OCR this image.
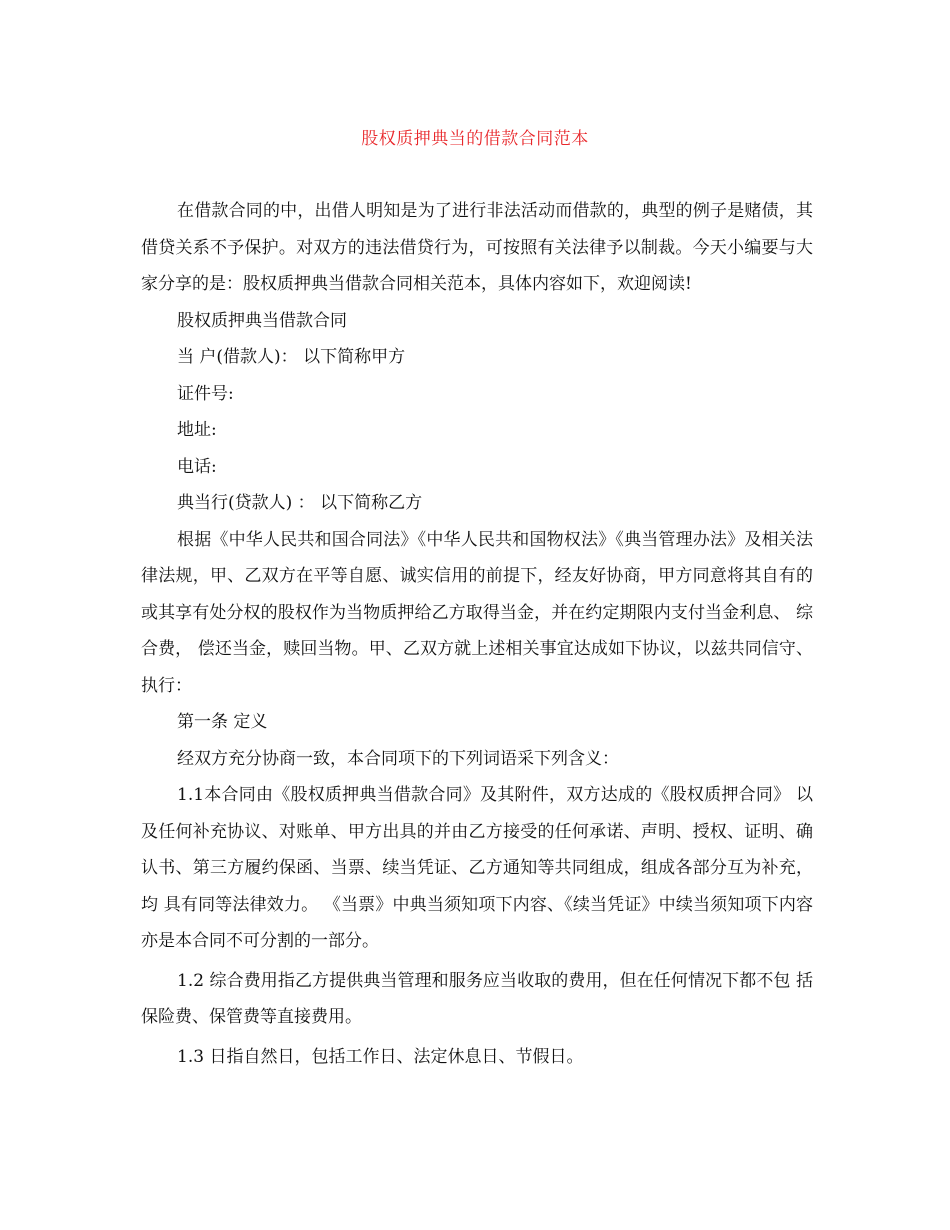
股权质押典当的借款合同范本

在借款合同的中，出借人明知是为了进行非法活动而借款的，典型的例子是赌债，其借贷关系不予保护。对双方的违法借贷行为，可按照有关法律予以制裁。今天小编要与大家分享的是：股权质押典当借款合同相关范本，具体内容如下，欢迎阅读!

股权质押典当借款合同

当 户(借款人)： 以下简称甲方

证件号:

地址:

电话:

典当行(贷款人) ： 以下简称乙方

根据《中华人民共和国合同法》《中华人民共和国物权法》《典当管理办法》及相关法律法规，甲、乙双方在平等自愿、诚实信用的前提下，经友好协商，甲方同意将其自有的或其享有处分权的股权作为当物质押给乙方取得当金，并在约定期限内支付当金利息、 综合费， 偿还当金，赎回当物。甲、乙双方就上述相关事宜达成如下协议，以兹共同信守、执行：

第一条 定义

经双方充分协商一致，本合同项下的下列词语采下列含义：

1.1本合同由《股权质押典当借款合同》及其附件，双方达成的《股权质押合同》 以及任何补充协议、对账单、甲方出具的并由乙方接受的任何承诺、声明、授权、证明、确认书、第三方履约保函、当票、续当凭证、乙方通知等共同组成，组成各部分互为补充，均 具有同等法律效力。 《当票》中典当须知项下内容、《续当凭证》中续当须知项下内容亦是本合同不可分割的一部分。

1.2 综合费用指乙方提供典当管理和服务应当收取的费用，但在任何情况下都不包 括保险费、保管费等直接费用。

1.3 日指自然日，包括工作日、法定休息日、节假日。
